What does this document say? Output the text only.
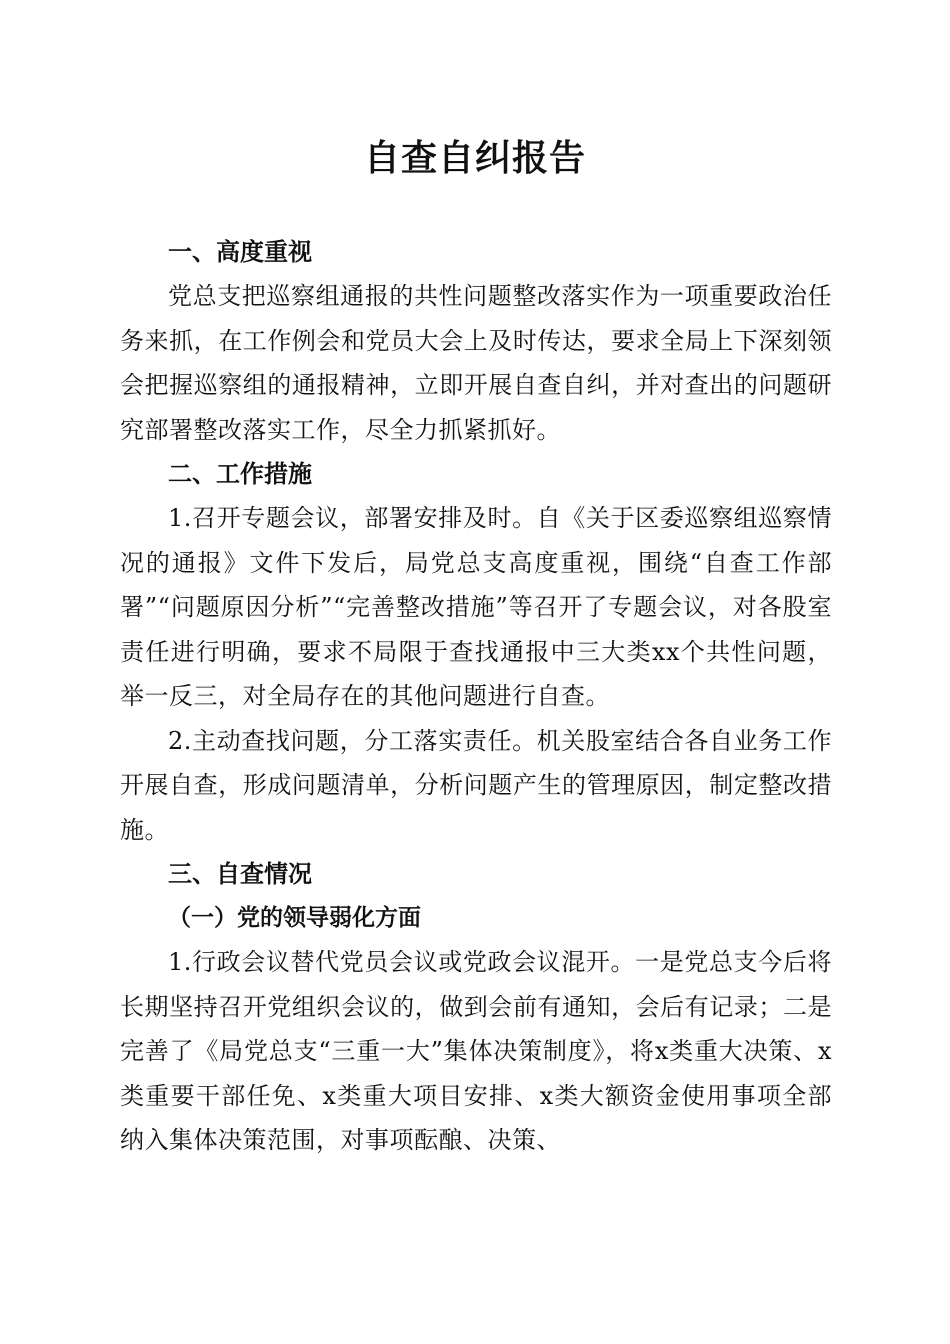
自查自纠报告
一、高度重视

党总支把巡察组通报的共性问题整改落实作为一项重要政治任务来抓，在工作例会和党员大会上及时传达，要求全局上下深刻领会把握巡察组的通报精神，立即开展自查自纠，并对查出的问题研究部署整改落实工作，尽全力抓紧抓好。

二、工作措施

1.召开专题会议，部署安排及时。自《关于区委巡察组巡察情况的通报》文件下发后，局党总支高度重视，围绕“自查工作部署”“问题原因分析”“完善整改措施”等召开了专题会议，对各股室责任进行明确，要求不局限于查找通报中三大类xx个共性问题，举一反三，对全局存在的其他问题进行自查。

2.主动查找问题，分工落实责任。机关股室结合各自业务工作开展自查，形成问题清单，分析问题产生的管理原因，制定整改措施。

三、自查情况
（一）党的领导弱化方面

1.行政会议替代党员会议或党政会议混开。一是党总支今后将长期坚持召开党组织会议的，做到会前有通知，会后有记录；二是完善了《局党总支“三重一大”集体决策制度》，将x类重大决策、x类重要干部任免、x类重大项目安排、x类大额资金使用事项全部纳入集体决策范围，对事项酝酿、决策、
